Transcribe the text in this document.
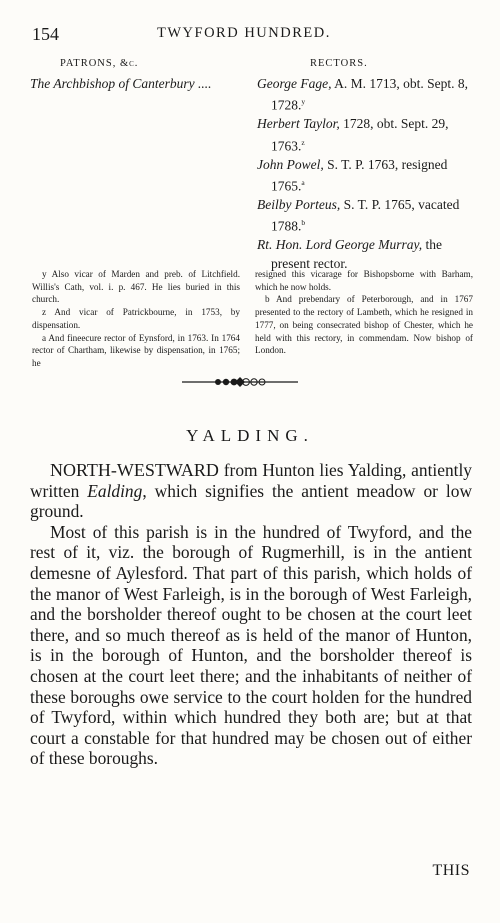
154	TWYFORD HUNDRED.
PATRONS, &c.	RECTORS.
The Archbishop of Canterbury ....	George Fage, A. M. 1713, obt. Sept. 8, 1728.$^y$

Herbert Taylor, 1728, obt. Sept. 29, 1763.$^z$

John Powel, S. T. P. 1763, resigned 1765.$^a$

Beilby Porteus, S. T. P. 1765, vacated 1788.$^b$

Rt. Hon. Lord George Murray, the present rector.

y Also vicar of Marden and preb. of Litchfield. Willis's Cath, vol. i. p. 467. He lies buried in this church.

z And vicar of Patrickbourne, in 1753, by dispensation.

a And fineecure rector of Eynsford, in 1763. In 1764 rector of Chartham, likewise by dispensation, in 1765; he

resigned this vicarage for Bishopsborne with Barham, which he now holds.

b And prebendary of Peterborough, and in 1767 presented to the rectory of Lambeth, which he resigned in 1777, on being consecrated bishop of Chester, which he held with this rectory, in commendam. Now bishop of London.

YALDING.

NORTH-WESTWARD from Hunton lies Yalding, antiently written Ealding, which signifies the antient meadow or low ground.

Most of this parish is in the hundred of Twyford, and the rest of it, viz. the borough of Rugmerhill, is in the antient demesne of Aylesford. That part of this parish, which holds of the manor of West Farleigh, is in the borough of West Farleigh, and the borsholder thereof ought to be chosen at the court leet there, and so much thereof as is held of the manor of Hunton, is in the borough of Hunton, and the borsholder thereof is chosen at the court leet there; and the inhabitants of neither of these boroughs owe service to the court holden for the hundred of Twyford, within which hundred they both are; but at that court a constable for that hundred may be chosen out of either of these boroughs.

THIS
